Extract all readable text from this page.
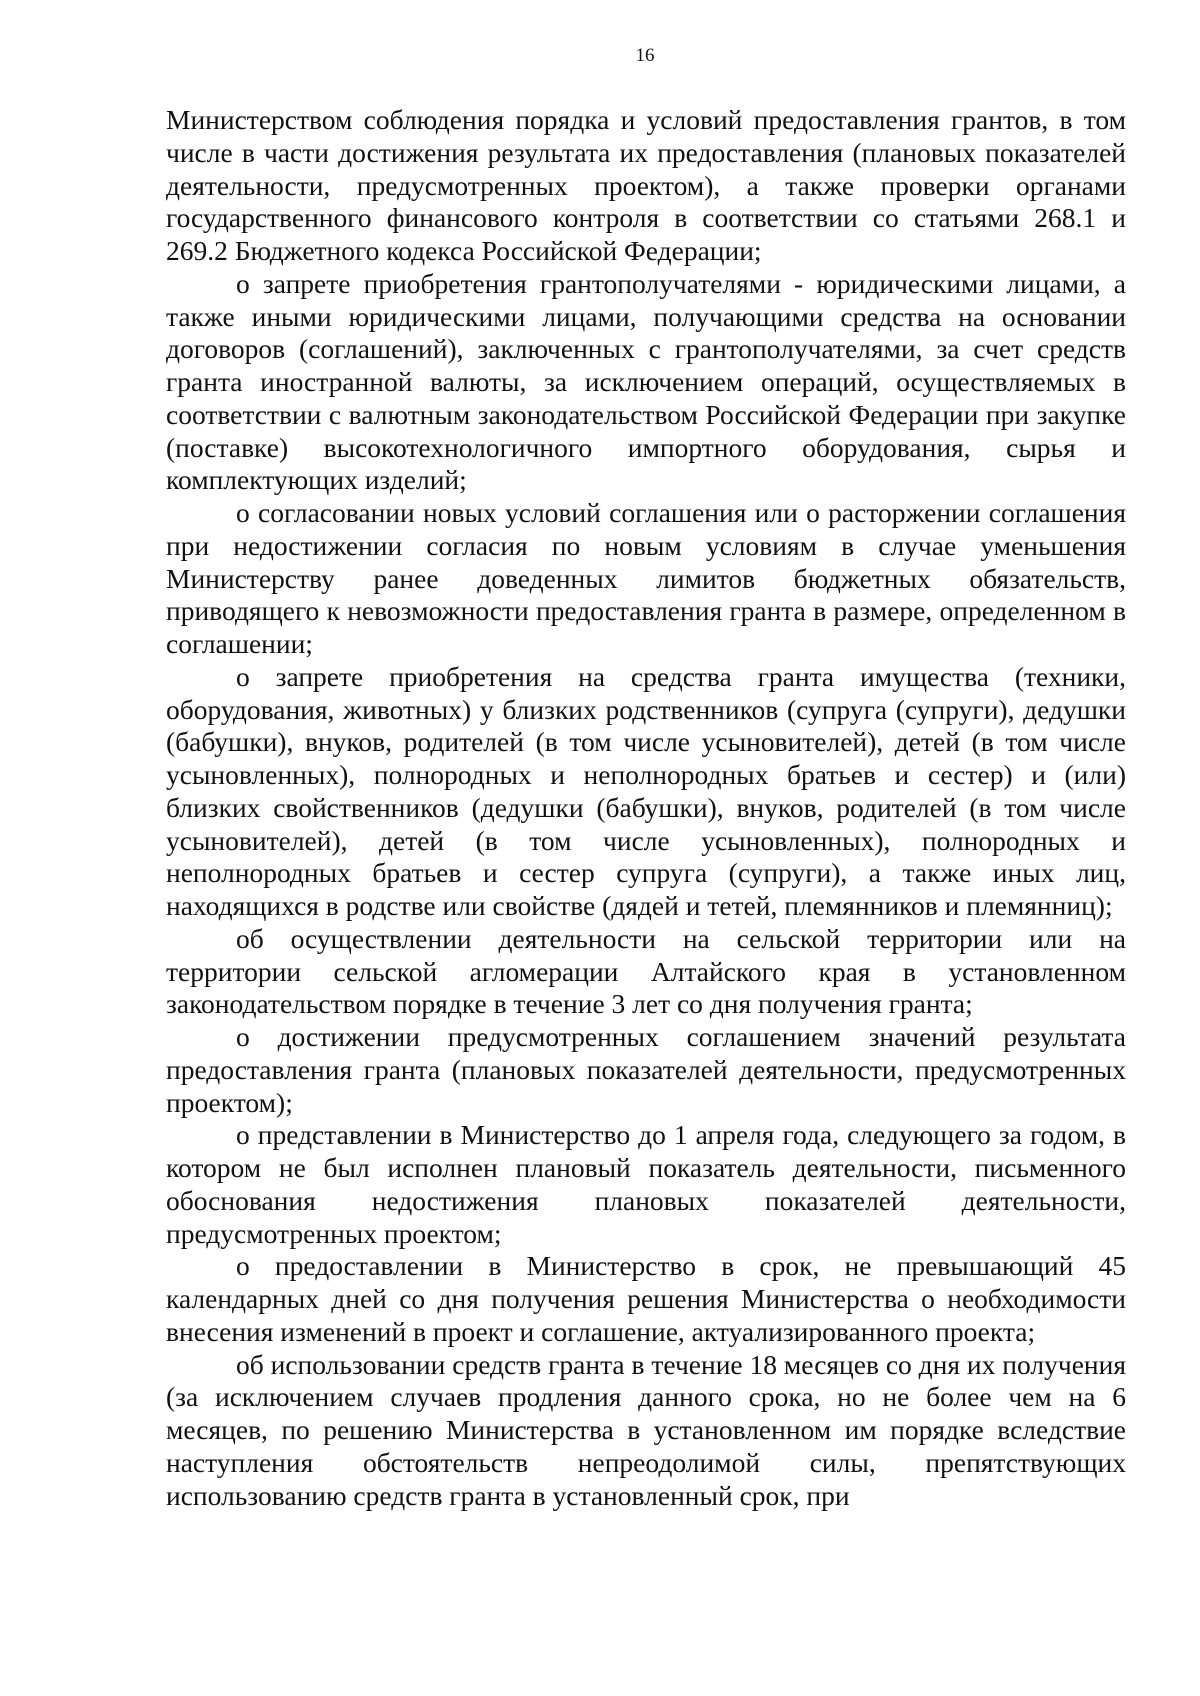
16

Министерством соблюдения порядка и условий предоставления грантов, в том числе в части достижения результата их предоставления (плановых показателей деятельности, предусмотренных проектом), а также проверки органами государственного финансового контроля в соответствии со статьями 268.1 и 269.2 Бюджетного кодекса Российской Федерации;

о запрете приобретения грантополучателями - юридическими лицами, а также иными юридическими лицами, получающими средства на основании договоров (соглашений), заключенных с грантополучателями, за счет средств гранта иностранной валюты, за исключением операций, осуществляемых в соответствии с валютным законодательством Российской Федерации при закупке (поставке) высокотехнологичного импортного оборудования, сырья и комплектующих изделий;

о согласовании новых условий соглашения или о расторжении соглашения при недостижении согласия по новым условиям в случае уменьшения Министерству ранее доведенных лимитов бюджетных обязательств, приводящего к невозможности предоставления гранта в размере, определенном в соглашении;

о запрете приобретения на средства гранта имущества (техники, оборудования, животных) у близких родственников (супруга (супруги), дедушки (бабушки), внуков, родителей (в том числе усыновителей), детей (в том числе усыновленных), полнородных и неполнородных братьев и сестер) и (или) близких свойственников (дедушки (бабушки), внуков, родителей (в том числе усыновителей), детей (в том числе усыновленных), полнородных и неполнородных братьев и сестер супруга (супруги), а также иных лиц, находящихся в родстве или свойстве (дядей и тетей, племянников и племянниц);

об осуществлении деятельности на сельской территории или на территории сельской агломерации Алтайского края в установленном законодательством порядке в течение 3 лет со дня получения гранта;

о достижении предусмотренных соглашением значений результата предоставления гранта (плановых показателей деятельности, предусмотренных проектом);

о представлении в Министерство до 1 апреля года, следующего за годом, в котором не был исполнен плановый показатель деятельности, письменного обоснования недостижения плановых показателей деятельности, предусмотренных проектом;

о предоставлении в Министерство в срок, не превышающий 45 календарных дней со дня получения решения Министерства о необходимости внесения изменений в проект и соглашение, актуализированного проекта;

об использовании средств гранта в течение 18 месяцев со дня их получения (за исключением случаев продления данного срока, но не более чем на 6 месяцев, по решению Министерства в установленном им порядке вследствие наступления обстоятельств непреодолимой силы, препятствующих использованию средств гранта в установленный срок, при
